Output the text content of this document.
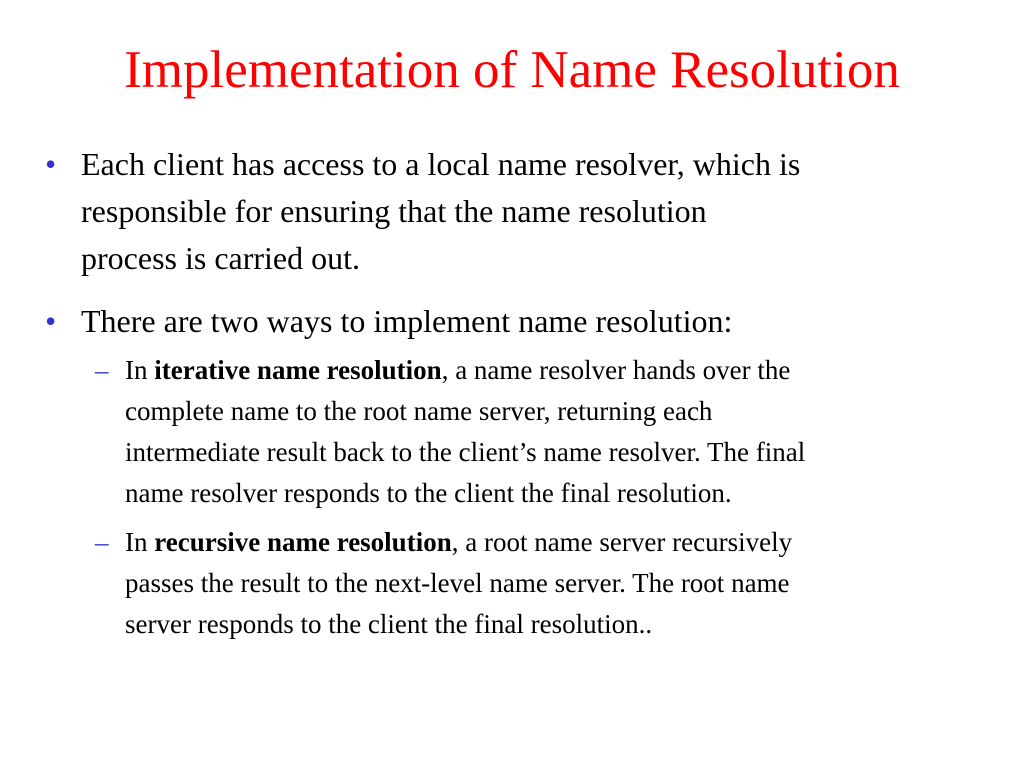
Implementation of Name Resolution
• Each client has access to a local name resolver, which is
responsible for ensuring that the name resolution
process is carried out.
• There are two ways to implement name resolution:
– In iterative name resolution, a name resolver hands over the
complete name to the root name server, returning each
intermediate result back to the client’s name resolver. The final
name resolver responds to the client the final resolution.
– In recursive name resolution, a root name server recursively
passes the result to the next-level name server. The root name
server responds to the client the final resolution..
